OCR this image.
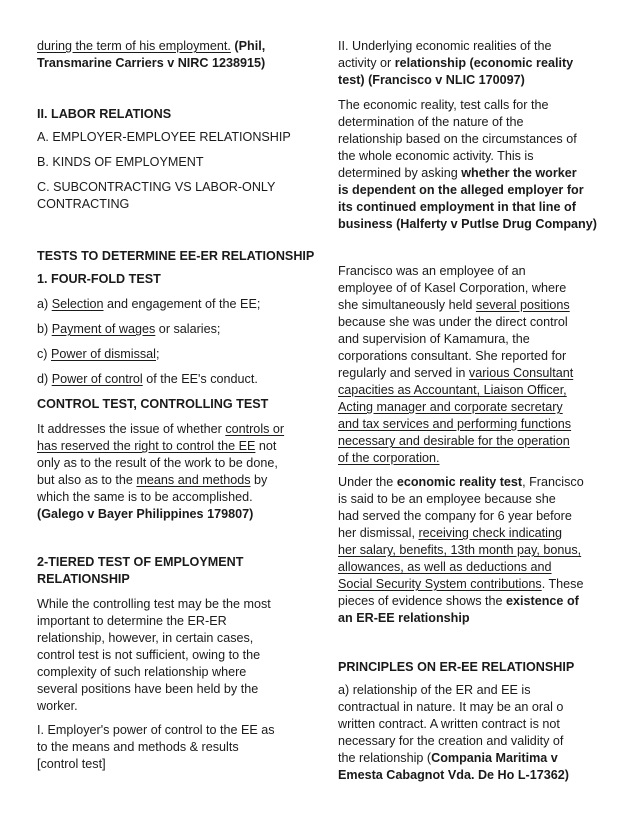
during the term of his employment. (Phil,
Transmarine Carriers v NIRC 1238915)
II. LABOR RELATIONS
A. EMPLOYER-EMPLOYEE RELATIONSHIP
B. KINDS OF EMPLOYMENT
C. SUBCONTRACTING VS LABOR-ONLY
CONTRACTING
TESTS TO DETERMINE EE-ER RELATIONSHIP
1. FOUR-FOLD TEST
a) Selection and engagement of the EE;
b) Payment of wages or salaries;
c) Power of dismissal;
d) Power of control of the EE's conduct.
CONTROL TEST, CONTROLLING TEST
It addresses the issue of whether controls or
has reserved the right to control the EE not
only as to the result of the work to be done,
but also as to the means and methods by
which the same is to be accomplished.
(Galego v Bayer Philippines 179807)
2-TIERED TEST OF EMPLOYMENT
RELATIONSHIP
While the controlling test may be the most
important to determine the ER-ER
relationship, however, in certain cases,
control test is not sufficient, owing to the
complexity of such relationship where
several positions have been held by the
worker.
I. Employer's power of control to the EE as
to the means and methods & results
[control test]
II. Underlying economic realities of the
activity or relationship (economic reality
test) (Francisco v NLIC 170097)
The economic reality, test calls for the
determination of the nature of the
relationship based on the circumstances of
the whole economic activity. This is
determined by asking whether the worker
is dependent on the alleged employer for
its continued employment in that line of
business (Halferty v Putlse Drug Company)
Francisco was an employee of an
employee of of Kasel Corporation, where
she simultaneously held several positions
because she was under the direct control
and supervision of Kamamura, the
corporations consultant. She reported for
regularly and served in various Consultant
capacities as Accountant, Liaison Officer,
Acting manager and corporate secretary
and tax services and performing functions
necessary and desirable for the operation
of the corporation.
Under the economic reality test, Francisco
is said to be an employee because she
had served the company for 6 year before
her dismissal, receiving check indicating
her salary, benefits, 13th month pay, bonus,
allowances, as well as deductions and
Social Security System contributions. These
pieces of evidence shows the existence of
an ER-EE relationship
PRINCIPLES ON ER-EE RELATIONSHIP
a) relationship of the ER and EE is
contractual in nature. It may be an oral o
written contract. A written contract is not
necessary for the creation and validity of
the relationship (Compania Maritima v
Emesta Cabagnot Vda. De Ho L-17362)
